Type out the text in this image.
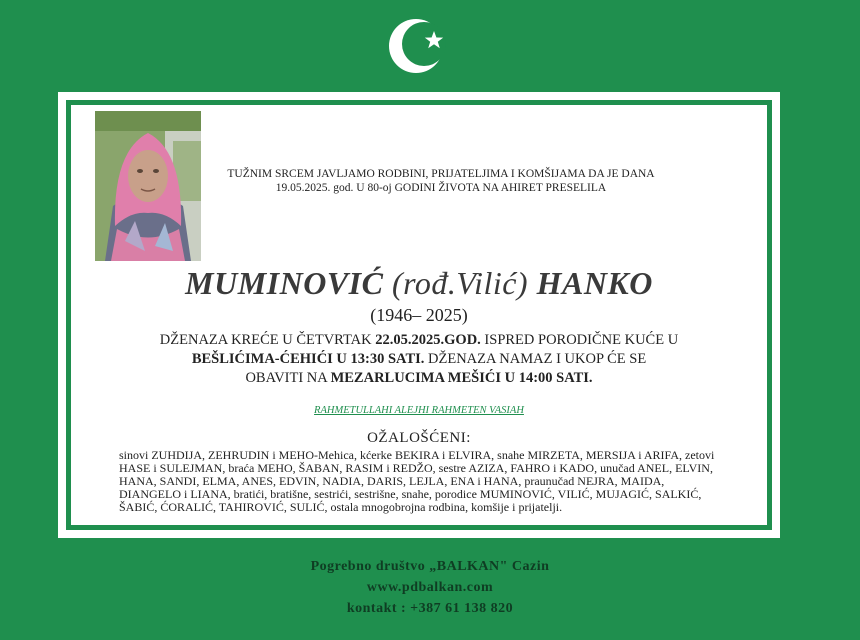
TUŽNIM SRCEM JAVLJAMO RODBINI, PRIJATELJIMA I KOMŠIJAMA DA JE DANA
19.05.2025. god. U 80-oj GODINI ŽIVOTA NA AHIRET PRESELILA
MUMINOVIĆ (rođ.Vilić) HANKO
(1946– 2025)
DŽENAZA KREĆE U ČETVRTAK 22.05.2025.GOD. ISPRED PORODIČNE KUĆE U
BEŠLIĆIMA-ĆEHIĆI U 13:30 SATI. DŽENAZA NAMAZ I UKOP ĆE SE
OBAVITI NA MEZARLUCIMA MEŠIĆI U 14:00 SATI.
RAHMETULLAHI ALEJHI RAHMETEN VASIAH
OŽALOŠĆENI:
sinovi ZUHDIJA, ZEHRUDIN i MEHO-Mehica, kćerke BEKIRA i ELVIRA, snahe MIRZETA, MERSIJA i ARIFA, zetovi HASE i SULEJMAN, braća MEHO, ŠABAN, RASIM i REDŽO, sestre AZIZA, FAHRO i KADO, unučad ANEL, ELVIN, HANA, SANDI, ELMA, ANES, EDVIN, NADIA, DARIS, LEJLA, ENA i HANA, praunučad NEJRA, MAIDA, DIANGELO i LIANA, bratići, bratišne, sestrići, sestrišne, snahe, porodice MUMINOVIĆ, VILIĆ, MUJAGIĆ, SALKIĆ, ŠABIĆ, ĆORALIĆ, TAHIROVIĆ, SULIĆ, ostala mnogobrojna rodbina, komšije i prijatelji.
Pogrebno društvo „BALKAN" Cazin
www.pdbalkan.com
kontakt : +387 61 138 820
